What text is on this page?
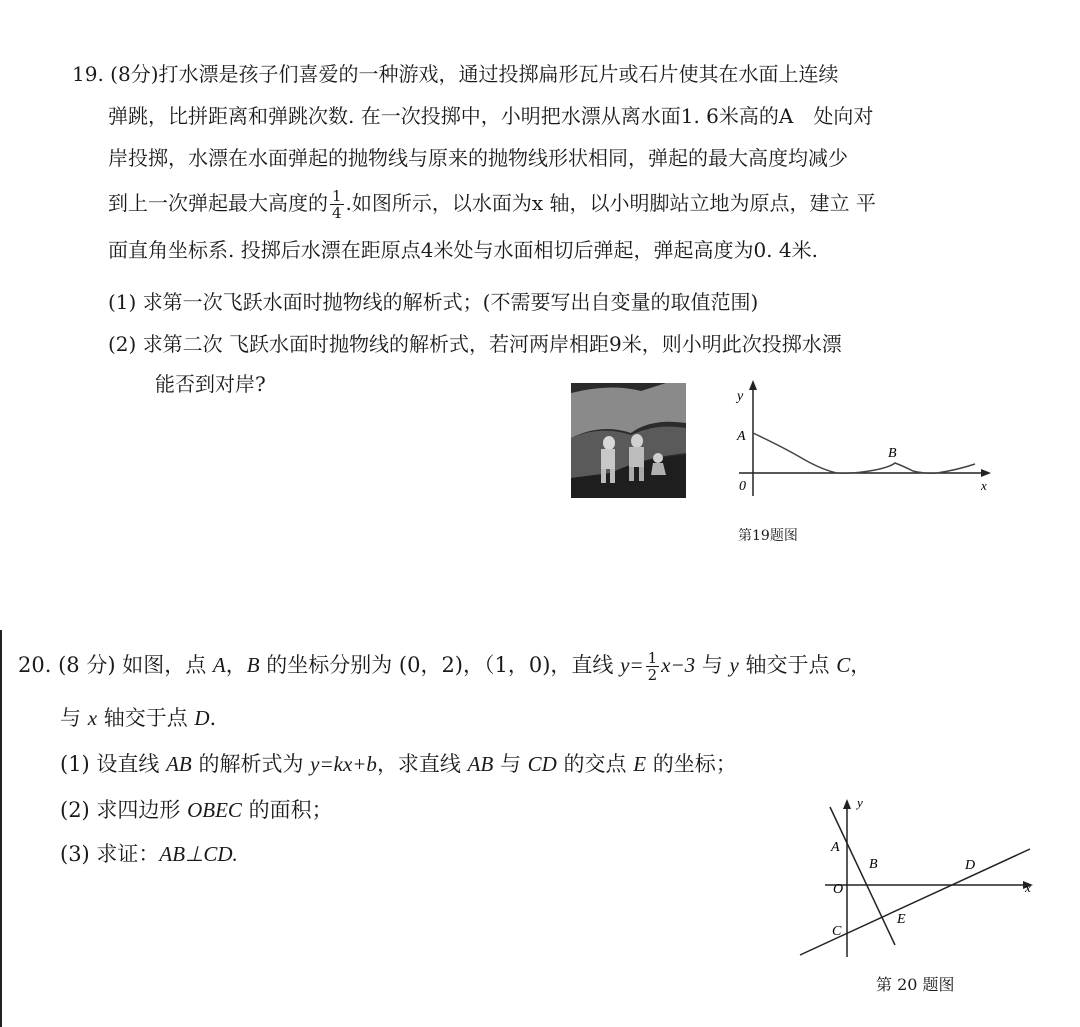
19. (8分)打水漂是孩子们喜爱的一种游戏，通过投掷扁形瓦片或石片使其在水面上连续
弹跳，比拼距离和弹跳次数. 在一次投掷中，小明把水漂从离水面1. 6米高的A　处向对
岸投掷，水漂在水面弹起的抛物线与原来的抛物线形状相同，弹起的最大高度均减少
到上一次弹起最大高度的 $\frac{1}{4}$ .如图所示，以水面为x 轴，以小明脚站立地为原点，建立 平
面直角坐标系. 投掷后水漂在距原点4米处与水面相切后弹起，弹起高度为0. 4米.
(1) 求第一次飞跃水面时抛物线的解析式；(不需要写出自变量的取值范围)
(2) 求第二次 飞跃水面时抛物线的解析式，若河两岸相距9米，则小明此次投掷水漂
能否到对岸?
y
A
B
0	x
第19题图
20. (8 分) 如图，点 A，B 的坐标分别为 (0，2)，（1，0)，直线 $y= \frac{1}{2} x-3$ 与 y 轴交于点 C，
与 x 轴交于点 D.
(1) 设直线 AB 的解析式为 y=kx+b，求直线 AB 与 CD 的交点 E 的坐标；
(2) 求四边形 OBEC 的面积；
(3) 求证：AB⊥CD.
y
x
A
B
O
D
C
E
第 20 题图
